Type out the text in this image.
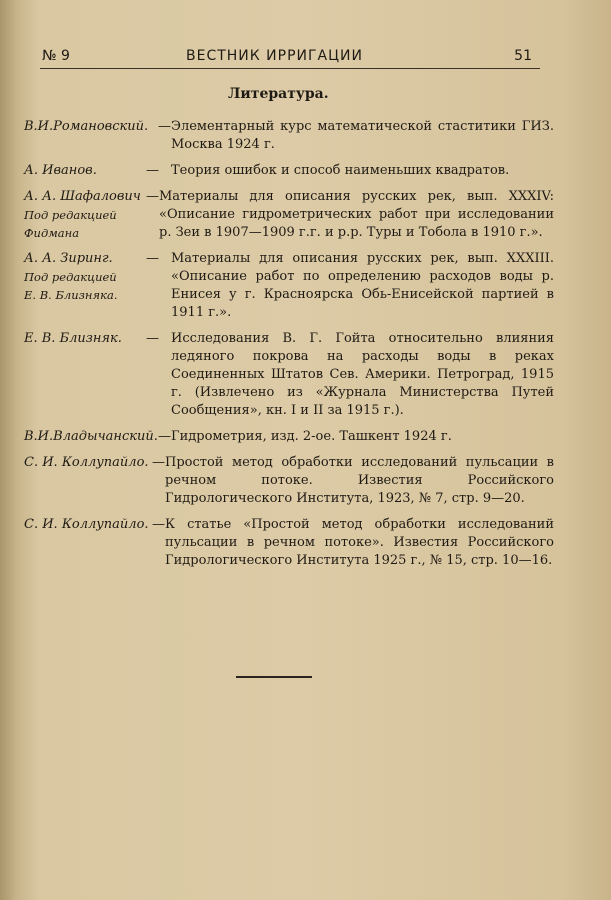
№ 9	ВЕСТНИК ИРРИГАЦИИ	51
Литература.
В.И.Романовский. — Элементарный курс математической стаститики ГИЗ. Москва 1924 г.
А. Иванов.	— Теория ошибок и способ наименьших квадратов.
А. А. Шафалович
Под редакцией
Фидмана
— Материалы для описания русских рек, вып. XXXIV: «Описание гидрометрических работ при исследовании р. Зеи в 1907—1909 г.г. и р.р. Туры и Тобола в 1910 г.».
А. А. Зиринг.
Под редакцией
Е. В. Близняка.
— Материалы для описания русских рек, вып. XXXIII. «Описание работ по определению расходов воды р. Енисея у г. Красноярска Обь-Енисейской партией в 1911 г.».
Е. В. Близняк.	— Исследования В. Г. Гойта относительно влияния ледяного покрова на расходы воды в реках Соединенных Штатов Сев. Америки. Петроград, 1915 г. (Извлечено из «Журнала Министерства Путей Сообщения», кн. I и II за 1915 г.).
В.И.Владычанский. — Гидрометрия, изд. 2-ое. Ташкент 1924 г.
С. И. Коллупайло. — Простой метод обработки исследований пульсации в речном потоке. Известия Российского Гидрологического Института, 1923, № 7, стр. 9—20.
С. И. Коллупайло. — К статье «Простой метод обработки исследований пульсации в речном потоке». Известия Российского Гидрологического Института 1925 г., № 15, стр. 10—16.
